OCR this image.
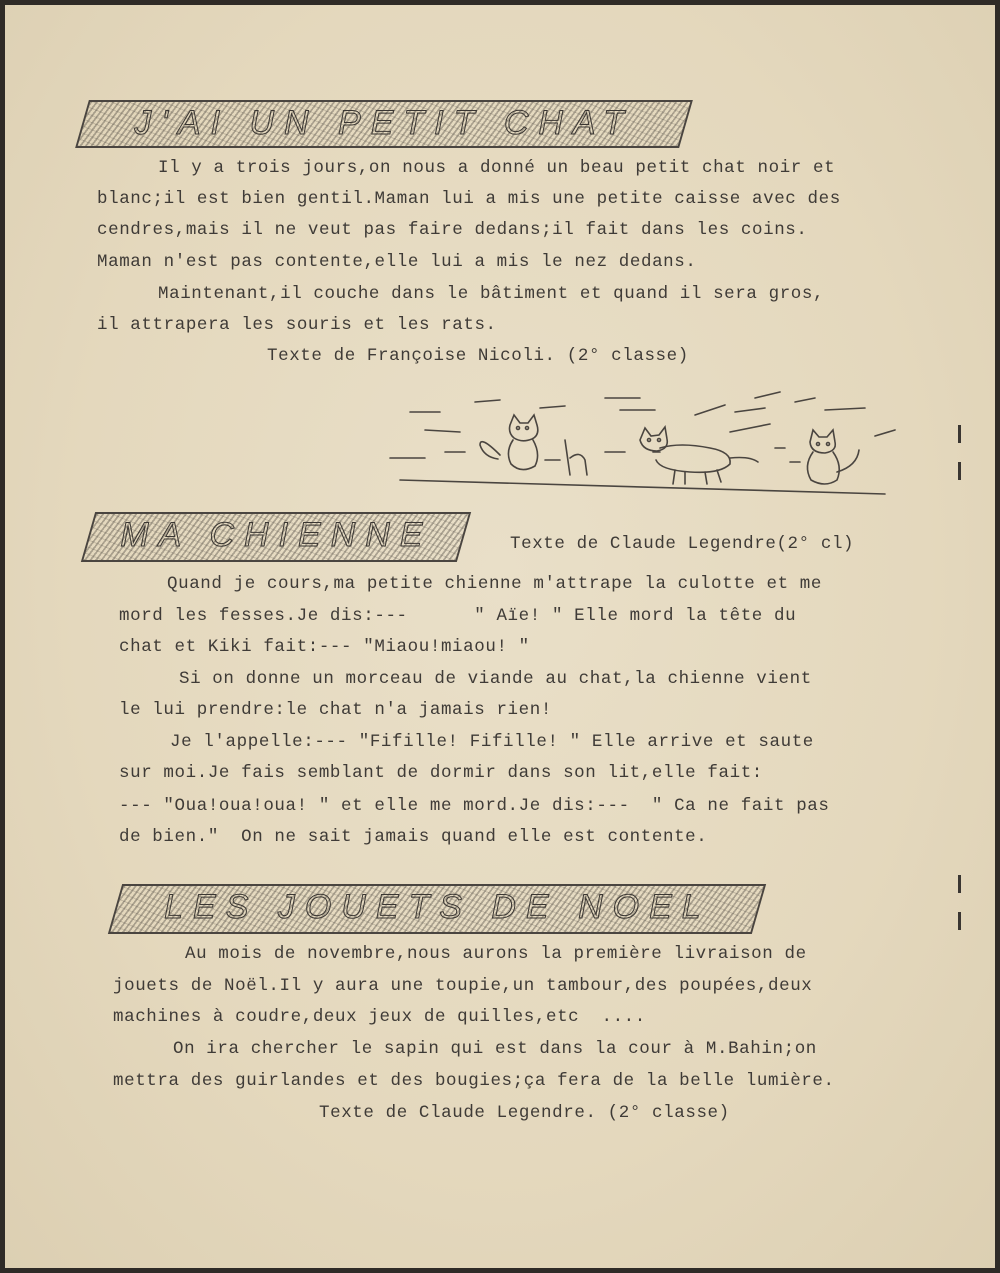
J'AI UN PETIT CHAT
Il y a trois jours,on nous a donné un beau petit chat noir et
blanc;il est bien gentil.Maman lui a mis une petite caisse avec des
cendres,mais il ne veut pas faire dedans;il fait dans les coins.
Maman n'est pas contente,elle lui a mis le nez dedans.
Maintenant,il couche dans le bâtiment et quand il sera gros,
il attrapera les souris et les rats.
Texte de Françoise Nicoli. (2° classe)
MA CHIENNE	Texte de Claude Legendre(2° cl)
Quand je cours,ma petite chienne m'attrape la culotte et me
mord les fesses.Je dis:---      " Aïe! " Elle mord la tête du
chat et Kiki fait:--- "Miaou!miaou! "
Si on donne un morceau de viande au chat,la chienne vient
le lui prendre:le chat n'a jamais rien!
Je l'appelle:--- "Fifille! Fifille! " Elle arrive et saute
sur moi.Je fais semblant de dormir dans son lit,elle fait:
--- "Oua!oua!oua! " et elle me mord.Je dis:---  " Ca ne fait pas
de bien."  On ne sait jamais quand elle est contente.
LES JOUETS DE NOEL
Au mois de novembre,nous aurons la première livraison de
jouets de Noël.Il y aura une toupie,un tambour,des poupées,deux
machines à coudre,deux jeux de quilles,etc  ....
On ira chercher le sapin qui est dans la cour à M.Bahin;on
mettra des guirlandes et des bougies;ça fera de la belle lumière.
Texte de Claude Legendre. (2° classe)
